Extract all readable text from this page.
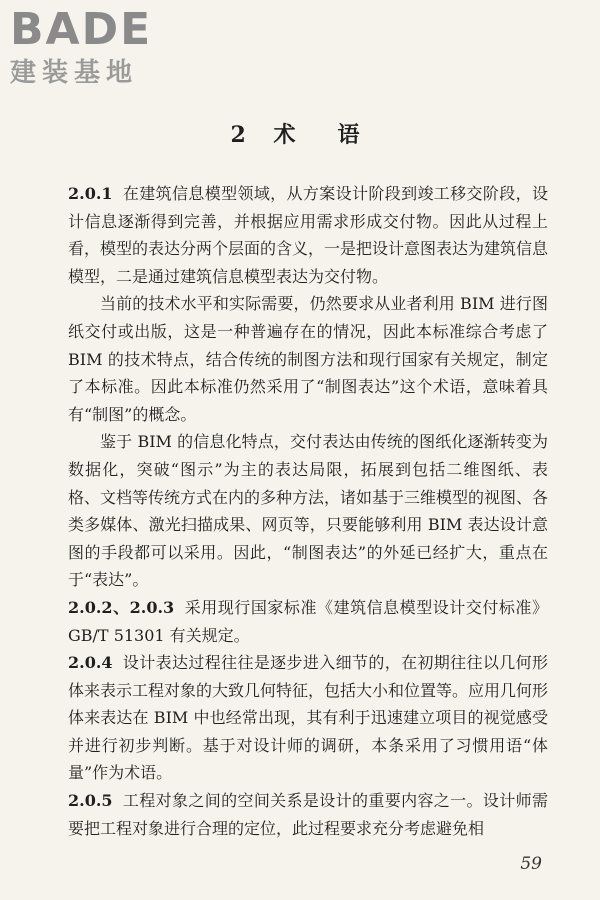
BADE
建装基地
2 术　语

2.0.1 在建筑信息模型领域，从方案设计阶段到竣工移交阶段，设计信息逐渐得到完善，并根据应用需求形成交付物。因此从过程上看，模型的表达分两个层面的含义，一是把设计意图表达为建筑信息模型，二是通过建筑信息模型表达为交付物。

当前的技术水平和实际需要，仍然要求从业者利用 BIM 进行图纸交付或出版，这是一种普遍存在的情况，因此本标准综合考虑了 BIM 的技术特点，结合传统的制图方法和现行国家有关规定，制定了本标准。因此本标准仍然采用了“制图表达”这个术语，意味着具有“制图”的概念。

鉴于 BIM 的信息化特点，交付表达由传统的图纸化逐渐转变为数据化，突破“图示”为主的表达局限，拓展到包括二维图纸、表格、文档等传统方式在内的多种方法，诸如基于三维模型的视图、各类多媒体、激光扫描成果、网页等，只要能够利用 BIM 表达设计意图的手段都可以采用。因此，“制图表达”的外延已经扩大，重点在于“表达”。

2.0.2、2.0.3 采用现行国家标准《建筑信息模型设计交付标准》GB/T 51301 有关规定。

2.0.4 设计表达过程往往是逐步进入细节的，在初期往往以几何形体来表示工程对象的大致几何特征，包括大小和位置等。应用几何形体来表达在 BIM 中也经常出现，其有利于迅速建立项目的视觉感受并进行初步判断。基于对设计师的调研，本条采用了习惯用语“体量”作为术语。

2.0.5 工程对象之间的空间关系是设计的重要内容之一。设计师需要把工程对象进行合理的定位，此过程要求充分考虑避免相

59
